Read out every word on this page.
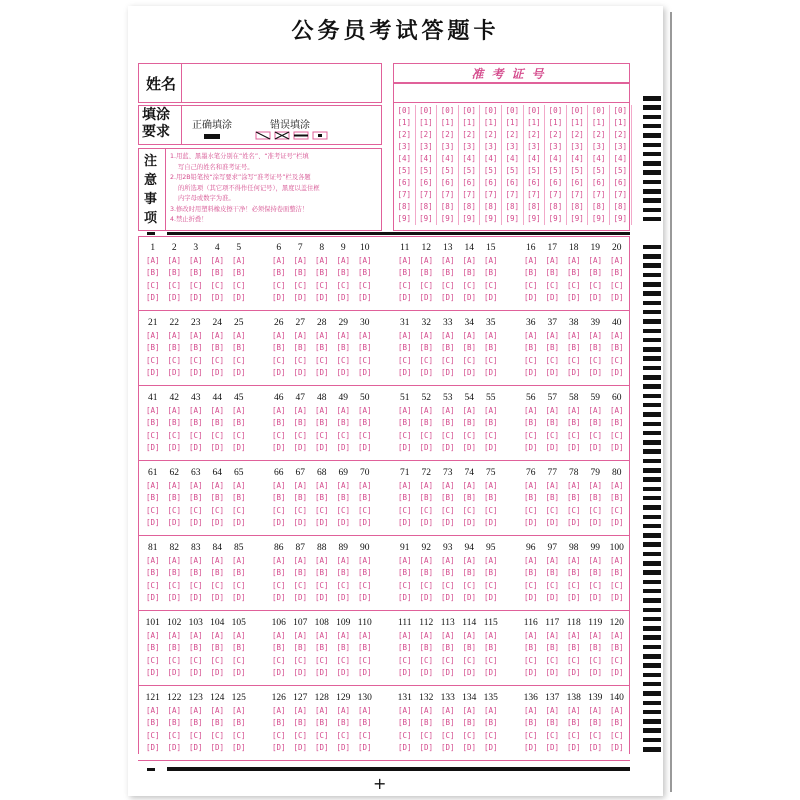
公务员考试答题卡
姓名
填涂要求	正确填涂	错误填涂
注意事项
1.用蓝、黑墨水笔分别在“姓名”、“准考证号”栏填
写自己的姓名和准考证号。
2.用2B铅笔按“涂写要求”涂写“准考证号”栏及各题
的所选项（其它项不得作任何记号），黑度以盖住框
内字母或数字为准。
3.修改时用塑料橡皮擦干净！必须保持卷面整洁！
4.禁止折叠！
准考证号
[0]
[1]
[2]
[3]
[4]
[5]
[6]
[7]
[8]
[9]
[0]
[1]
[2]
[3]
[4]
[5]
[6]
[7]
[8]
[9]
[0]
[1]
[2]
[3]
[4]
[5]
[6]
[7]
[8]
[9]
[0]
[1]
[2]
[3]
[4]
[5]
[6]
[7]
[8]
[9]
[0]
[1]
[2]
[3]
[4]
[5]
[6]
[7]
[8]
[9]
[0]
[1]
[2]
[3]
[4]
[5]
[6]
[7]
[8]
[9]
[0]
[1]
[2]
[3]
[4]
[5]
[6]
[7]
[8]
[9]
[0]
[1]
[2]
[3]
[4]
[5]
[6]
[7]
[8]
[9]
[0]
[1]
[2]
[3]
[4]
[5]
[6]
[7]
[8]
[9]
[0]
[1]
[2]
[3]
[4]
[5]
[6]
[7]
[8]
[9]
[0]
[1]
[2]
[3]
[4]
[5]
[6]
[7]
[8]
[9]
1
[A]
[B]
[C]
[D]
2
[A]
[B]
[C]
[D]
3
[A]
[B]
[C]
[D]
4
[A]
[B]
[C]
[D]
5
[A]
[B]
[C]
[D]
6
[A]
[B]
[C]
[D]
7
[A]
[B]
[C]
[D]
8
[A]
[B]
[C]
[D]
9
[A]
[B]
[C]
[D]
10
[A]
[B]
[C]
[D]
11
[A]
[B]
[C]
[D]
12
[A]
[B]
[C]
[D]
13
[A]
[B]
[C]
[D]
14
[A]
[B]
[C]
[D]
15
[A]
[B]
[C]
[D]
16
[A]
[B]
[C]
[D]
17
[A]
[B]
[C]
[D]
18
[A]
[B]
[C]
[D]
19
[A]
[B]
[C]
[D]
20
[A]
[B]
[C]
[D]
21
[A]
[B]
[C]
[D]
22
[A]
[B]
[C]
[D]
23
[A]
[B]
[C]
[D]
24
[A]
[B]
[C]
[D]
25
[A]
[B]
[C]
[D]
26
[A]
[B]
[C]
[D]
27
[A]
[B]
[C]
[D]
28
[A]
[B]
[C]
[D]
29
[A]
[B]
[C]
[D]
30
[A]
[B]
[C]
[D]
31
[A]
[B]
[C]
[D]
32
[A]
[B]
[C]
[D]
33
[A]
[B]
[C]
[D]
34
[A]
[B]
[C]
[D]
35
[A]
[B]
[C]
[D]
36
[A]
[B]
[C]
[D]
37
[A]
[B]
[C]
[D]
38
[A]
[B]
[C]
[D]
39
[A]
[B]
[C]
[D]
40
[A]
[B]
[C]
[D]
41
[A]
[B]
[C]
[D]
42
[A]
[B]
[C]
[D]
43
[A]
[B]
[C]
[D]
44
[A]
[B]
[C]
[D]
45
[A]
[B]
[C]
[D]
46
[A]
[B]
[C]
[D]
47
[A]
[B]
[C]
[D]
48
[A]
[B]
[C]
[D]
49
[A]
[B]
[C]
[D]
50
[A]
[B]
[C]
[D]
51
[A]
[B]
[C]
[D]
52
[A]
[B]
[C]
[D]
53
[A]
[B]
[C]
[D]
54
[A]
[B]
[C]
[D]
55
[A]
[B]
[C]
[D]
56
[A]
[B]
[C]
[D]
57
[A]
[B]
[C]
[D]
58
[A]
[B]
[C]
[D]
59
[A]
[B]
[C]
[D]
60
[A]
[B]
[C]
[D]
61
[A]
[B]
[C]
[D]
62
[A]
[B]
[C]
[D]
63
[A]
[B]
[C]
[D]
64
[A]
[B]
[C]
[D]
65
[A]
[B]
[C]
[D]
66
[A]
[B]
[C]
[D]
67
[A]
[B]
[C]
[D]
68
[A]
[B]
[C]
[D]
69
[A]
[B]
[C]
[D]
70
[A]
[B]
[C]
[D]
71
[A]
[B]
[C]
[D]
72
[A]
[B]
[C]
[D]
73
[A]
[B]
[C]
[D]
74
[A]
[B]
[C]
[D]
75
[A]
[B]
[C]
[D]
76
[A]
[B]
[C]
[D]
77
[A]
[B]
[C]
[D]
78
[A]
[B]
[C]
[D]
79
[A]
[B]
[C]
[D]
80
[A]
[B]
[C]
[D]
81
[A]
[B]
[C]
[D]
82
[A]
[B]
[C]
[D]
83
[A]
[B]
[C]
[D]
84
[A]
[B]
[C]
[D]
85
[A]
[B]
[C]
[D]
86
[A]
[B]
[C]
[D]
87
[A]
[B]
[C]
[D]
88
[A]
[B]
[C]
[D]
89
[A]
[B]
[C]
[D]
90
[A]
[B]
[C]
[D]
91
[A]
[B]
[C]
[D]
92
[A]
[B]
[C]
[D]
93
[A]
[B]
[C]
[D]
94
[A]
[B]
[C]
[D]
95
[A]
[B]
[C]
[D]
96
[A]
[B]
[C]
[D]
97
[A]
[B]
[C]
[D]
98
[A]
[B]
[C]
[D]
99
[A]
[B]
[C]
[D]
100
[A]
[B]
[C]
[D]
101
[A]
[B]
[C]
[D]
102
[A]
[B]
[C]
[D]
103
[A]
[B]
[C]
[D]
104
[A]
[B]
[C]
[D]
105
[A]
[B]
[C]
[D]
106
[A]
[B]
[C]
[D]
107
[A]
[B]
[C]
[D]
108
[A]
[B]
[C]
[D]
109
[A]
[B]
[C]
[D]
110
[A]
[B]
[C]
[D]
111
[A]
[B]
[C]
[D]
112
[A]
[B]
[C]
[D]
113
[A]
[B]
[C]
[D]
114
[A]
[B]
[C]
[D]
115
[A]
[B]
[C]
[D]
116
[A]
[B]
[C]
[D]
117
[A]
[B]
[C]
[D]
118
[A]
[B]
[C]
[D]
119
[A]
[B]
[C]
[D]
120
[A]
[B]
[C]
[D]
121
[A]
[B]
[C]
[D]
122
[A]
[B]
[C]
[D]
123
[A]
[B]
[C]
[D]
124
[A]
[B]
[C]
[D]
125
[A]
[B]
[C]
[D]
126
[A]
[B]
[C]
[D]
127
[A]
[B]
[C]
[D]
128
[A]
[B]
[C]
[D]
129
[A]
[B]
[C]
[D]
130
[A]
[B]
[C]
[D]
131
[A]
[B]
[C]
[D]
132
[A]
[B]
[C]
[D]
133
[A]
[B]
[C]
[D]
134
[A]
[B]
[C]
[D]
135
[A]
[B]
[C]
[D]
136
[A]
[B]
[C]
[D]
137
[A]
[B]
[C]
[D]
138
[A]
[B]
[C]
[D]
139
[A]
[B]
[C]
[D]
140
[A]
[B]
[C]
[D]
+
